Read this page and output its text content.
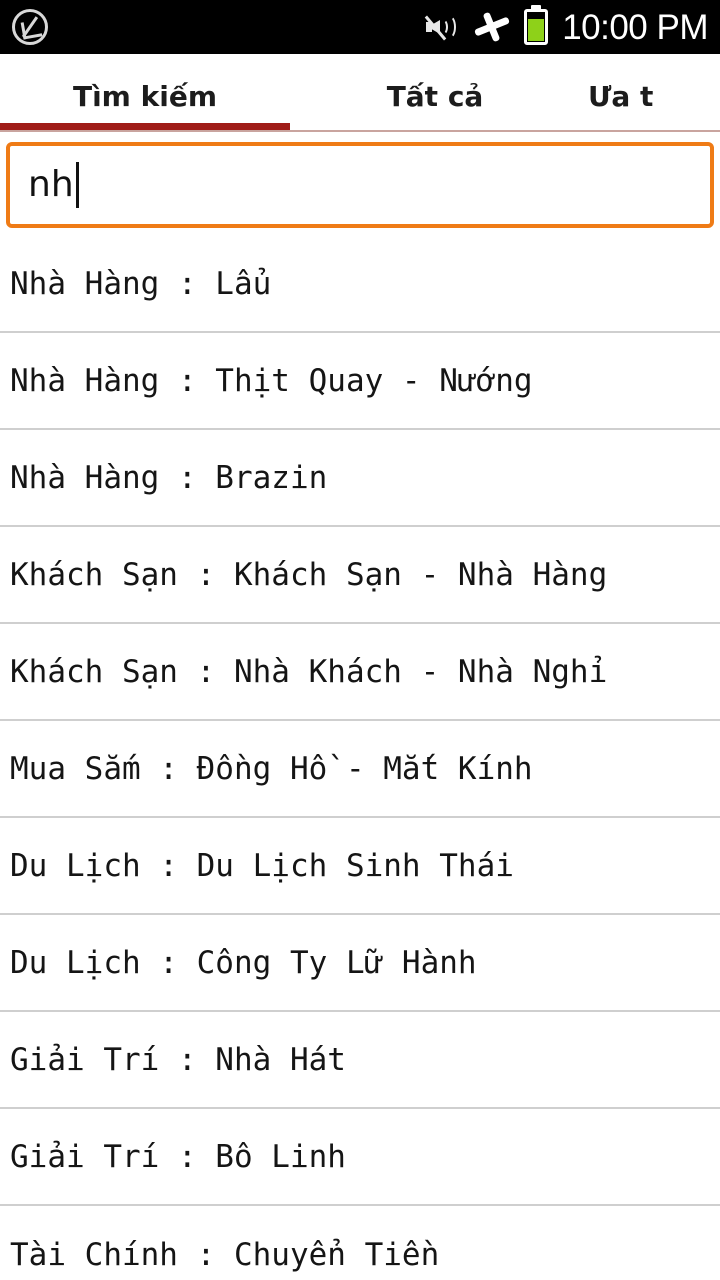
10:00 PM
Tìm kiếm	Tất cả	Ưa t
nh
Nhà Hàng : Lẩu
Nhà Hàng : Thịt Quay - Nướng
Nhà Hàng : Brazin
Khách Sạn : Khách Sạn - Nhà Hàng
Khách Sạn : Nhà Khách - Nhà Nghỉ
Mua Sắm : Đồng Hồ - Mắt Kính
Du Lịch : Du Lịch Sinh Thái
Du Lịch : Công Ty Lữ Hành
Giải Trí : Nhà Hát
Giải Trí : Bô Linh
Tài Chính : Chuyển Tiền
